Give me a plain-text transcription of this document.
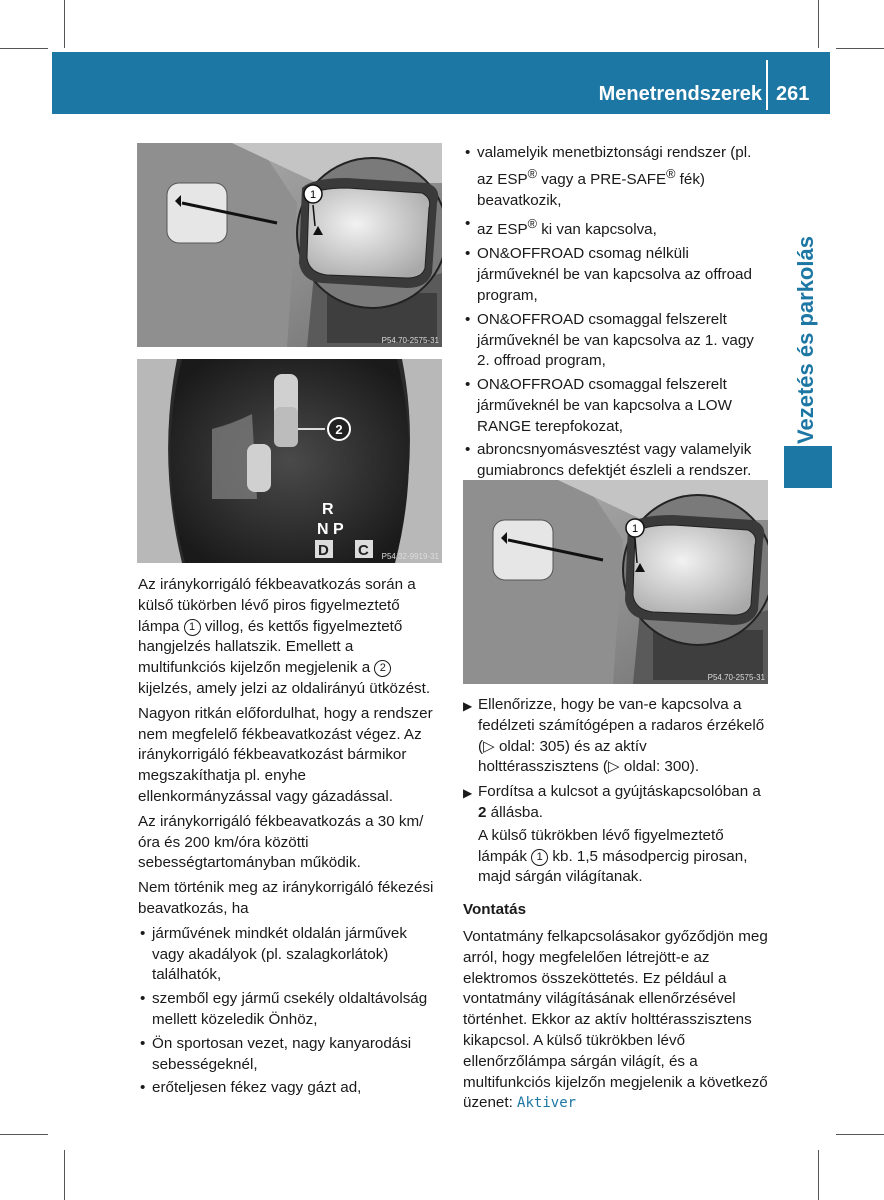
Menetrendszerek 261
Vezetés és parkolás
1
P54.70-2575-31
2
R
N P
D C P54.32-9919-31

Az iránykorrigáló fékbeavatkozás során a külső tükörben lévő piros figyelmeztető lámpa 1 villog, és kettős figyelmeztető hangjelzés hallatszik. Emellett a multifunkciós kijelzőn megjelenik a 2 kijelzés, amely jelzi az oldalirányú ütközést.

Nagyon ritkán előfordulhat, hogy a rendszer nem megfelelő fékbeavatkozást végez. Az iránykorrigáló fékbeavatkozást bármikor megszakíthatja pl. enyhe ellenkormányzással vagy gázadással.

Az iránykorrigáló fékbeavatkozás a 30 km/óra és 200 km/óra közötti sebességtartományban működik.

Nem történik meg az iránykorrigáló fékezési beavatkozás, ha

• járművének mindkét oldalán járművek vagy akadályok (pl. szalagkorlátok) találhatók,
• szemből egy jármű csekély oldaltávolság mellett közeledik Önhöz,
• Ön sportosan vezet, nagy kanyarodási sebességeknél,
• erőteljesen fékez vagy gázt ad,
• valamelyik menetbiztonsági rendszer (pl. az ESP® vagy a PRE-SAFE® fék) beavatkozik,
• az ESP® ki van kapcsolva,
• ON&OFFROAD csomag nélküli járműveknél be van kapcsolva az offroad program,
• ON&OFFROAD csomaggal felszerelt járműveknél be van kapcsolva az 1. vagy 2. offroad program,
• ON&OFFROAD csomaggal felszerelt járműveknél be van kapcsolva a LOW RANGE terepfokozat,
• abroncsnyomásvesztést vagy valamelyik gumiabroncs defektjét észleli a rendszer.
1
P54.70-2575-31
▶ Ellenőrizze, hogy be van-e kapcsolva a fedélzeti számítógépen a radaros érzékelő (▷ oldal: 305) és az aktív holttérasszisztens (▷ oldal: 300).
▶ Fordítsa a kulcsot a gyújtáskapcsolóban a 2 állásba.
A külső tükrökben lévő figyelmeztető lámpák 1 kb. 1,5 másodpercig pirosan, majd sárgán világítanak.
Vontatás

Vontatmány felkapcsolásakor győződjön meg arról, hogy megfelelően létrejött-e az elektromos összeköttetés. Ez például a vontatmány világításának ellenőrzésével történhet. Ekkor az aktív holttérasszisztens kikapcsol. A külső tükrökben lévő ellenőrzőlámpa sárgán világít, és a multifunkciós kijelzőn megjelenik a következő üzenet: Aktiver
